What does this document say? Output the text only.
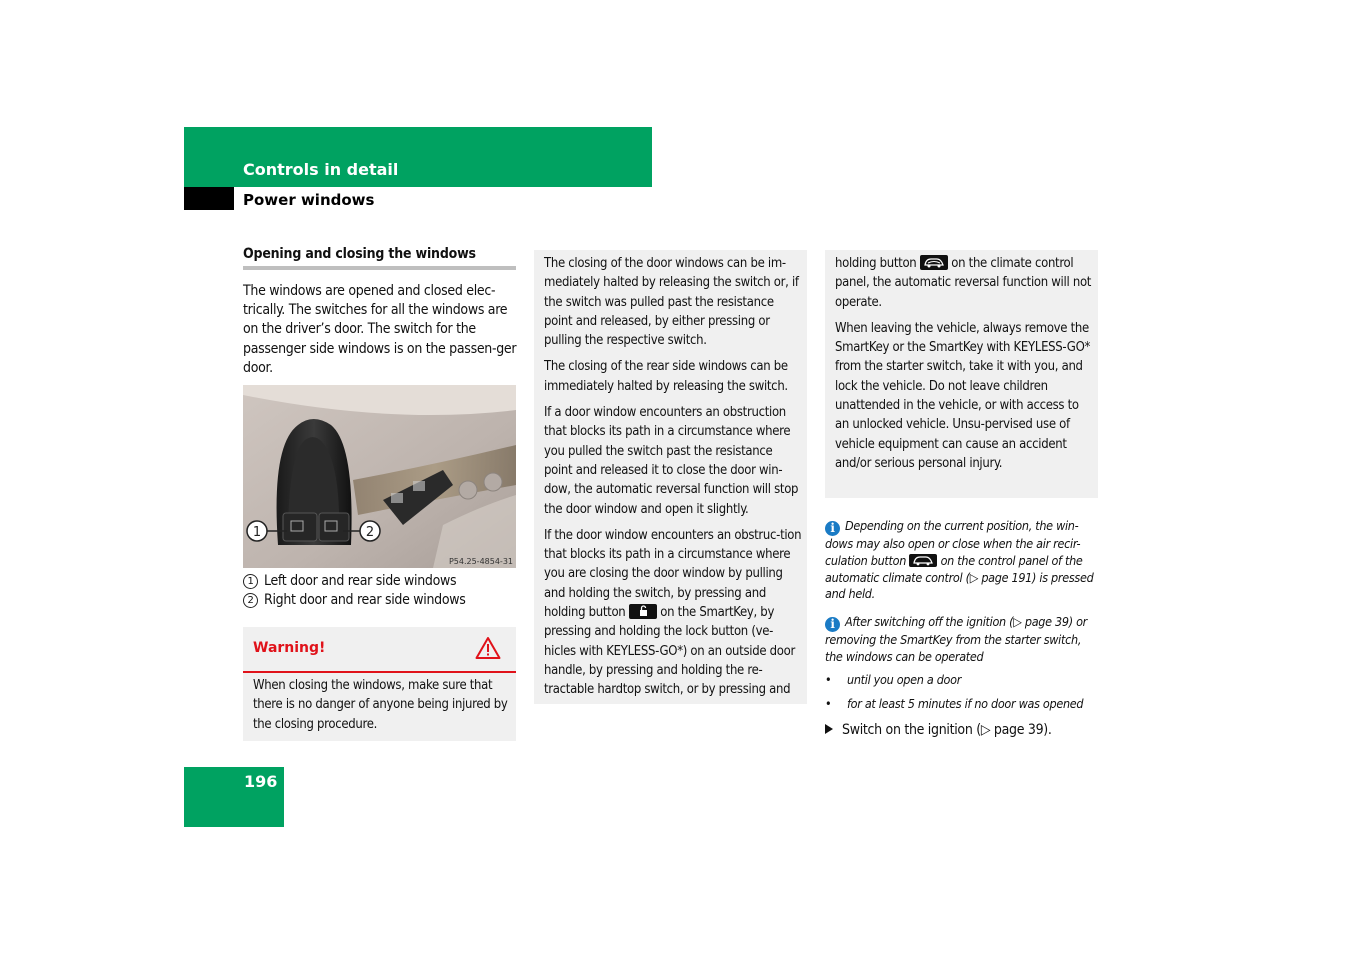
Controls in detail
Power windows
Opening and closing the windows
The windows are opened and closed elec-trically. The switches for all the windows are on the driver’s door. The switch for the passenger side windows is on the passen-ger door.
1	2
P54.25-4854-31
1 Left door and rear side windows
2 Right door and rear side windows
Warning!
When closing the windows, make sure that there is no danger of anyone being injured by the closing procedure.

The closing of the door windows can be im-mediately halted by releasing the switch or, if the switch was pulled past the resistance point and released, by either pressing or pulling the respective switch.

The closing of the rear side windows can be immediately halted by releasing the switch.

If a door window encounters an obstruction that blocks its path in a circumstance where you pulled the switch past the resistance point and released it to close the door win-dow, the automatic reversal function will stop the door window and open it slightly.

If the door window encounters an obstruc-tion that blocks its path in a circumstance where you are closing the door window by pulling and holding the switch, by pressing and holding button	on the SmartKey, by pressing and holding the lock button (ve-hicles with KEYLESS-GO*) on an outside door handle, by pressing and holding the re-tractable hardtop switch, or by pressing and

holding button	on the climate control panel, the automatic reversal function will not operate.

When leaving the vehicle, always remove the SmartKey or the SmartKey with KEYLESS-GO* from the starter switch, take it with you, and lock the vehicle. Do not leave children unattended in the vehicle, or with access to an unlocked vehicle. Unsu-pervised use of vehicle equipment can cause an accident and/or serious personal injury.

i Depending on the current position, the win-dows may also open or close when the air recir-culation button	on the control panel of the automatic climate control (▷ page 191) is pressed and held.
i After switching off the ignition (▷ page 39) or removing the SmartKey from the starter switch, the windows can be operated
• until you open a door
• for at least 5 minutes if no door was opened
Switch on the ignition (▷ page 39).
196
